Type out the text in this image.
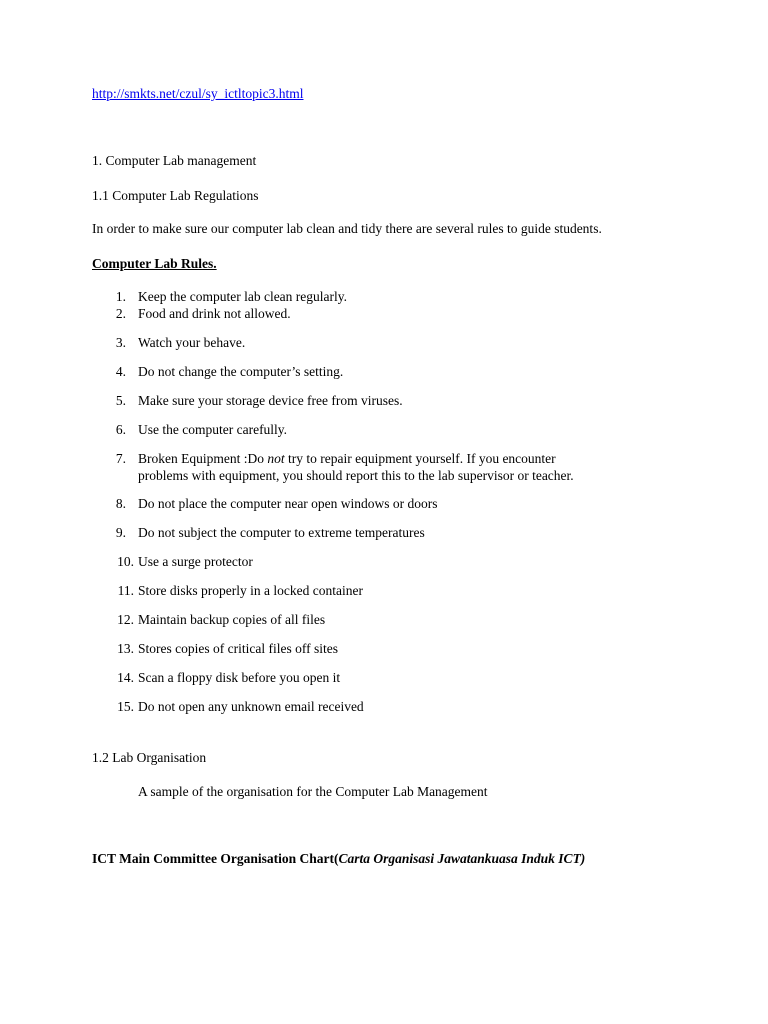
http://smkts.net/czul/sy_ictltopic3.html
1. Computer Lab management
1.1 Computer Lab Regulations
In order to make sure our computer lab clean and tidy there are several rules to guide students.
Computer Lab Rules.
1. Keep the computer lab clean regularly.
2. Food and drink not allowed.
3. Watch your behave.
4. Do not change the computer’s setting.
5. Make sure your storage device free from viruses.
6. Use the computer carefully.
7. Broken Equipment :Do not try to repair equipment yourself. If you encounter
problems with equipment, you should report this to the lab supervisor or teacher.
8. Do not place the computer near open windows or doors
9. Do not subject the computer to extreme temperatures
10. Use a surge protector
11. Store disks properly in a locked container
12. Maintain backup copies of all files
13. Stores copies of critical files off sites
14. Scan a floppy disk before you open it
15. Do not open any unknown email received
1.2 Lab Organisation
A sample of the organisation for the Computer Lab Management
ICT Main Committee Organisation Chart(Carta Organisasi Jawatankuasa Induk ICT)
